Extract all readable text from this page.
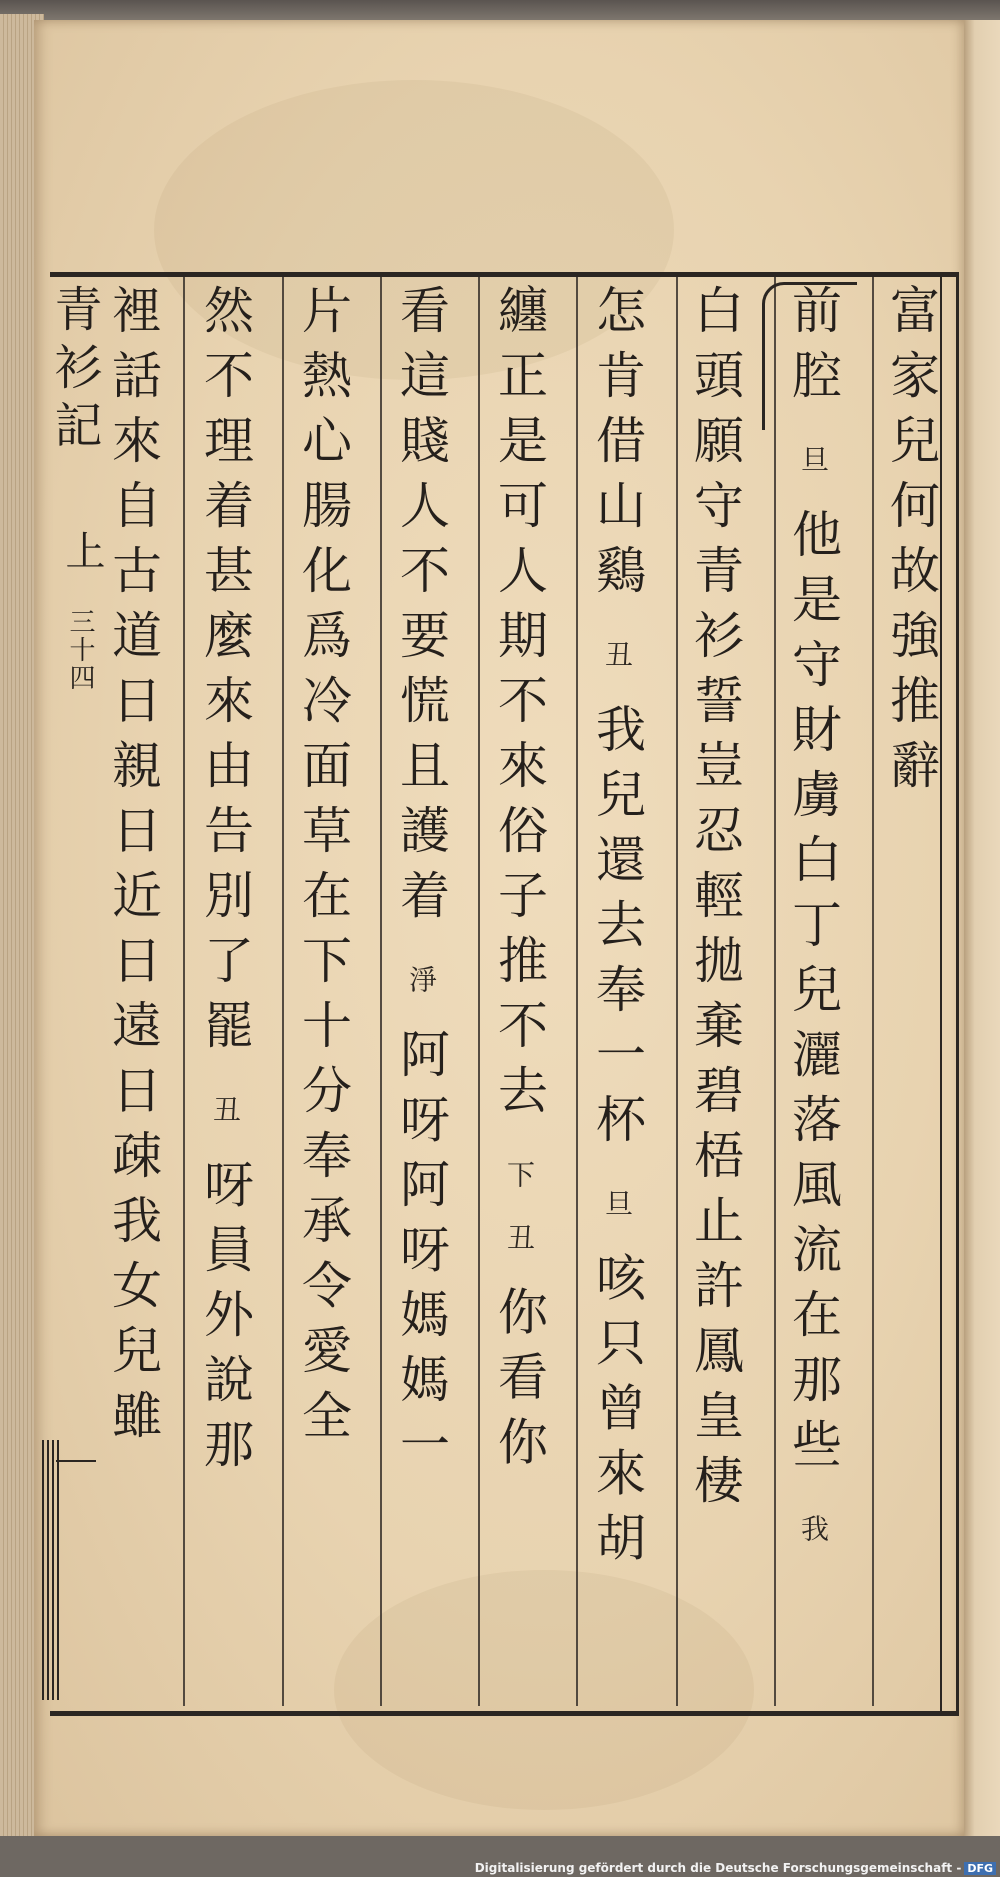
青衫記
上
三十四	富家兒何故強推辭
前腔 旦 他是守財虜白丁兒灑落風流在那些 我
白頭願守青衫誓豈忍輕拋棄碧梧止許鳳皇棲
怎肯借山鷄 丑 我兒還去奉一杯 旦 咳只曾來胡
纏正是可人期不來俗子推不去 下 丑 你看你
看這賤人不要慌且護着 淨 阿呀阿呀媽媽一
片熱心腸化爲冷面草在下十分奉承令愛全
然不理着甚麼來由告別了罷 丑 呀員外說那
裡話來自古道日親日近日遠日疎我女兒雖
Digitalisierung gefördert durch die Deutsche Forschungsgemeinschaft - DFG
